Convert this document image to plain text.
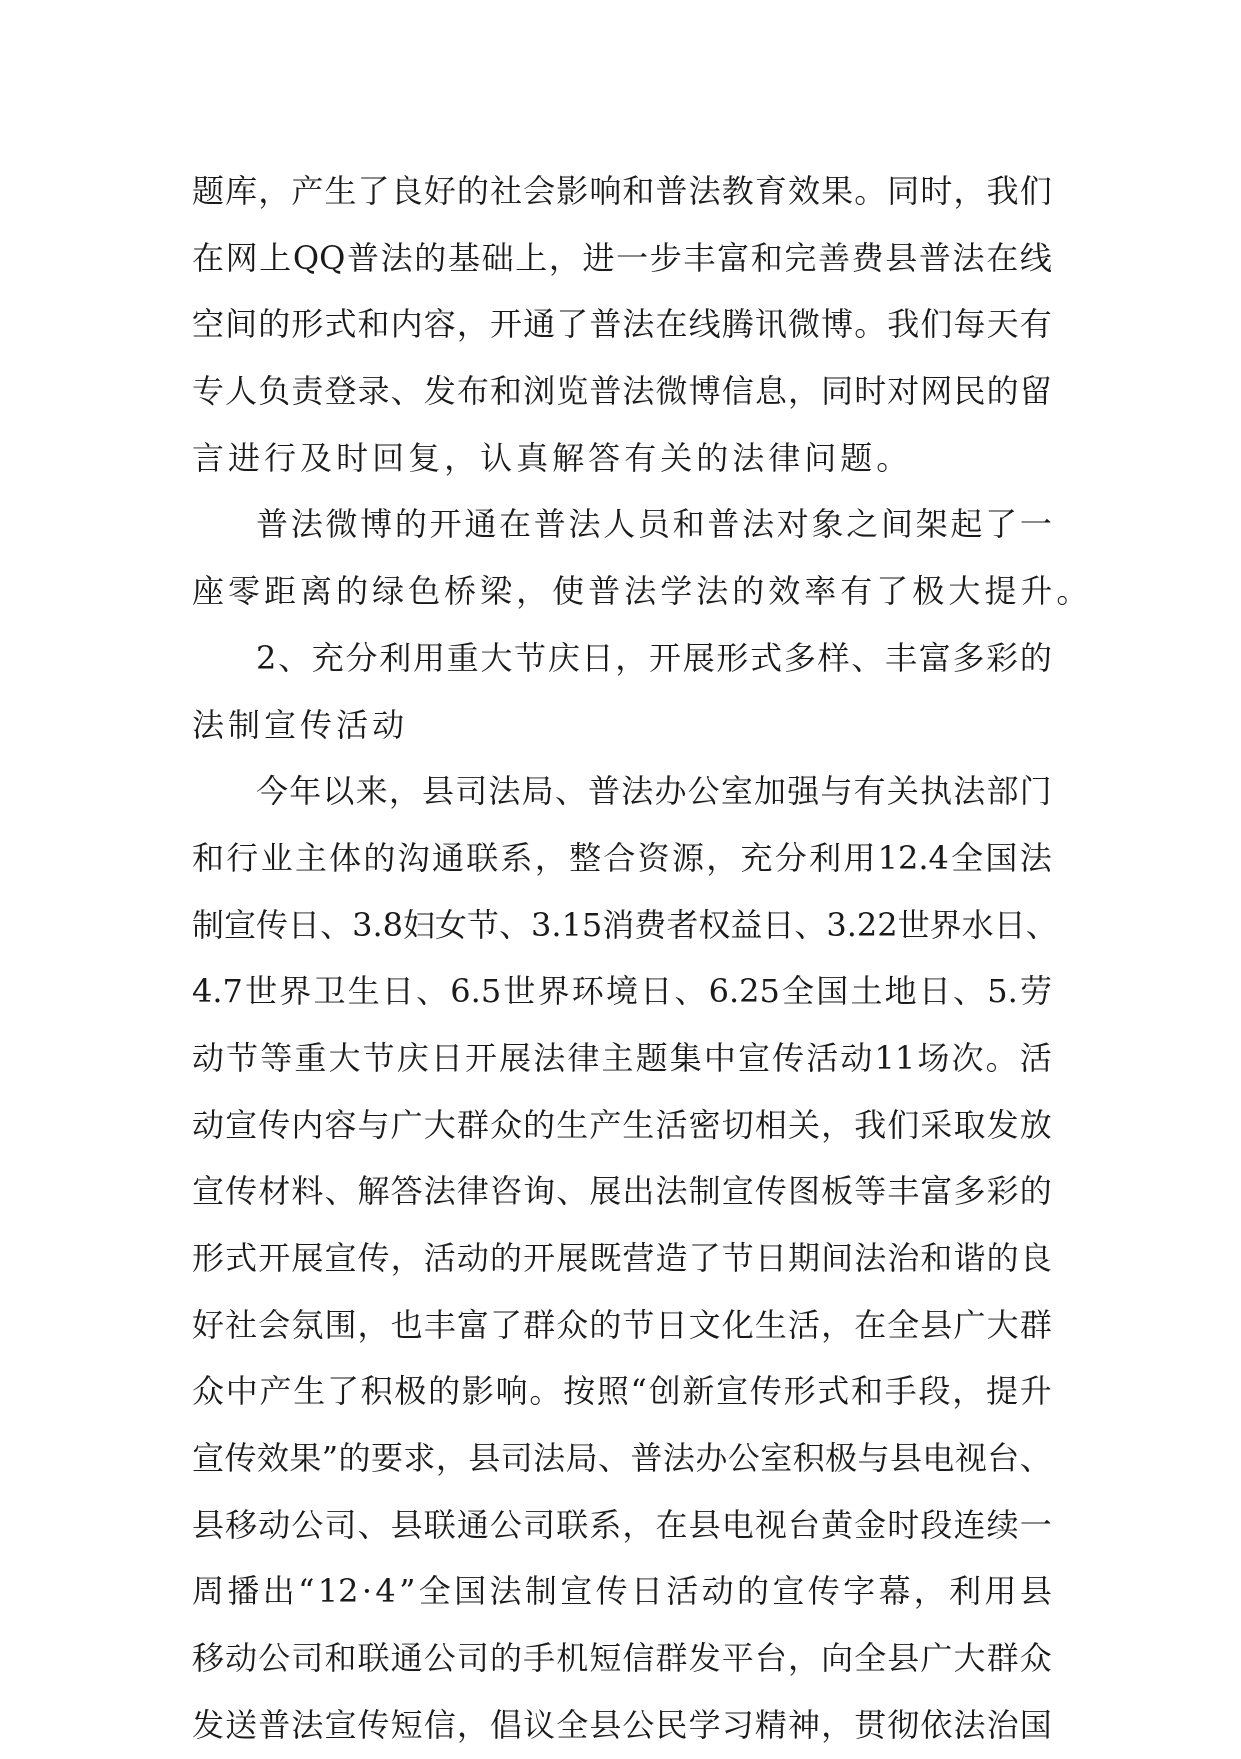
题 库 ， 产 生 了 良 好 的 社 会 影 响 和 普 法 教 育 效 果 。 同 时 ， 我 们
在 网 上 QQ 普 法 的 基 础 上 ， 进 一 步 丰 富 和 完 善 费 县 普 法 在 线
空 间 的 形 式 和 内 容 ， 开 通 了 普 法 在 线 腾 讯 微 博 。 我 们 每 天 有
专 人 负 责 登 录 、 发 布 和 浏 览 普 法 微 博 信 息 ， 同 时 对 网 民 的 留
言 进 行 及 时 回 复 ， 认 真 解 答 有 关 的 法 律 问 题 。
普 法 微 博 的 开 通 在 普 法 人 员 和 普 法 对 象 之 间 架 起 了 一
座 零 距 离 的 绿 色 桥 梁 ， 使 普 法 学 法 的 效 率 有 了 极 大 提 升 。
2 、 充 分 利 用 重 大 节 庆 日 ， 开 展 形 式 多 样 、 丰 富 多 彩 的
法 制 宣 传 活 动
今 年 以 来 ， 县 司 法 局 、 普 法 办 公 室 加 强 与 有 关 执 法 部 门
和 行 业 主 体 的 沟 通 联 系 ， 整 合 资 源 ， 充 分 利 用 12.4 全 国 法
制 宣 传 日 、 3.8 妇 女 节 、 3.15 消 费 者 权 益 日 、 3.22 世 界 水 日 、
4.7 世 界 卫 生 日 、 6.5 世 界 环 境 日 、 6.25 全 国 土 地 日 、 5. 劳
动 节 等 重 大 节 庆 日 开 展 法 律 主 题 集 中 宣 传 活 动 11 场 次 。 活
动 宣 传 内 容 与 广 大 群 众 的 生 产 生 活 密 切 相 关 ， 我 们 采 取 发 放
宣 传 材 料 、 解 答 法 律 咨 询 、 展 出 法 制 宣 传 图 板 等 丰 富 多 彩 的
形 式 开 展 宣 传 ， 活 动 的 开 展 既 营 造 了 节 日 期 间 法 治 和 谐 的 良
好 社 会 氛 围 ， 也 丰 富 了 群 众 的 节 日 文 化 生 活 ， 在 全 县 广 大 群
众 中 产 生 了 积 极 的 影 响 。 按 照 “ 创 新 宣 传 形 式 和 手 段 ， 提 升
宣 传 效 果 ” 的 要 求 ， 县 司 法 局 、 普 法 办 公 室 积 极 与 县 电 视 台 、
县 移 动 公 司 、 县 联 通 公 司 联 系 ， 在 县 电 视 台 黄 金 时 段 连 续 一
周 播 出 “ 12 · 4 ” 全 国 法 制 宣 传 日 活 动 的 宣 传 字 幕 ， 利 用 县
移 动 公 司 和 联 通 公 司 的 手 机 短 信 群 发 平 台 ， 向 全 县 广 大 群 众
发 送 普 法 宣 传 短 信 ， 倡 议 全 县 公 民 学 习 精 神 ， 贯 彻 依 法 治 国
